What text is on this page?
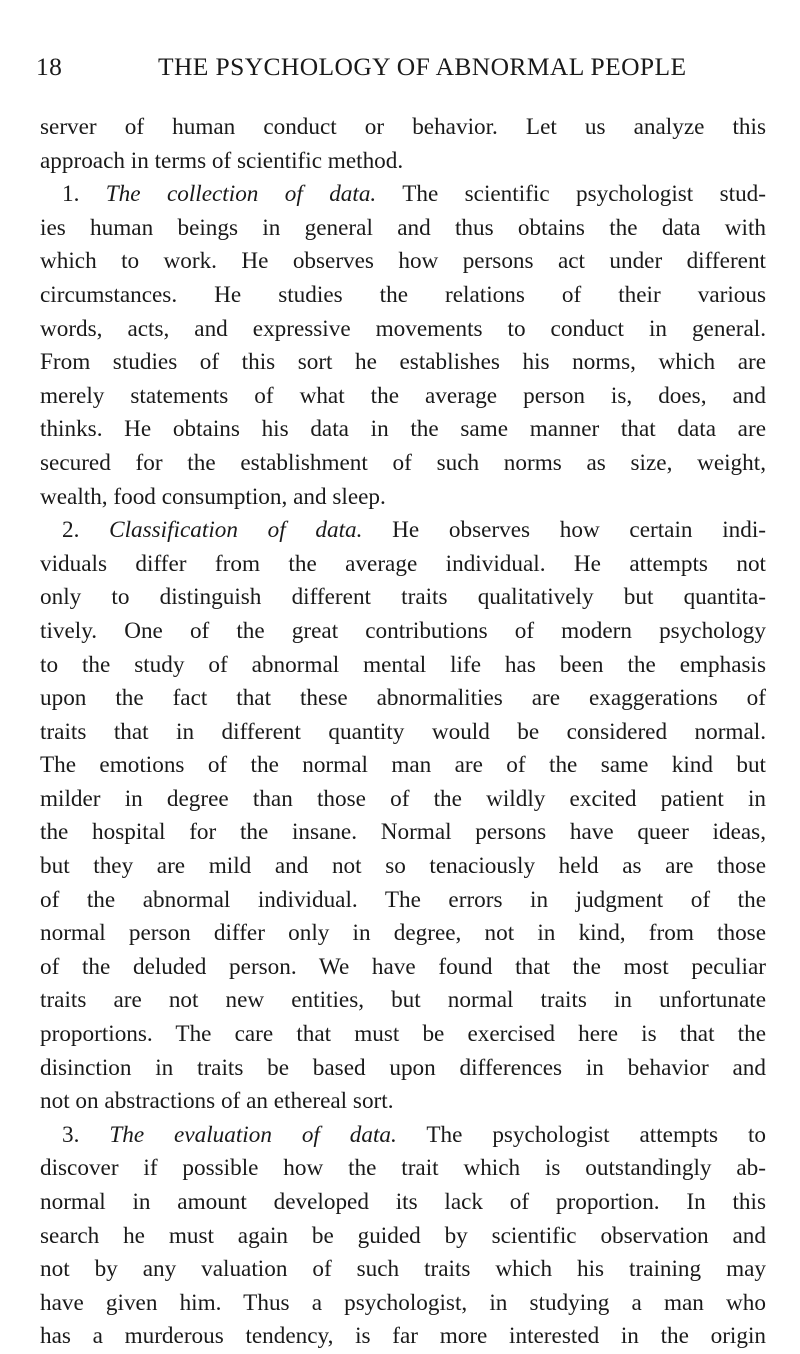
18	THE PSYCHOLOGY OF ABNORMAL PEOPLE
server of human conduct or behavior. Let us analyze this
approach in terms of scientific method.
1. The collection of data. The scientific psychologist stud-
ies human beings in general and thus obtains the data with
which to work. He observes how persons act under different
circumstances. He studies the relations of their various
words, acts, and expressive movements to conduct in general.
From studies of this sort he establishes his norms, which are
merely statements of what the average person is, does, and
thinks. He obtains his data in the same manner that data are
secured for the establishment of such norms as size, weight,
wealth, food consumption, and sleep.
2. Classification of data. He observes how certain indi-
viduals differ from the average individual. He attempts not
only to distinguish different traits qualitatively but quantita-
tively. One of the great contributions of modern psychology
to the study of abnormal mental life has been the emphasis
upon the fact that these abnormalities are exaggerations of
traits that in different quantity would be considered normal.
The emotions of the normal man are of the same kind but
milder in degree than those of the wildly excited patient in
the hospital for the insane. Normal persons have queer ideas,
but they are mild and not so tenaciously held as are those
of the abnormal individual. The errors in judgment of the
normal person differ only in degree, not in kind, from those
of the deluded person. We have found that the most peculiar
traits are not new entities, but normal traits in unfortunate
proportions. The care that must be exercised here is that the
disinction in traits be based upon differences in behavior and
not on abstractions of an ethereal sort.
3. The evaluation of data. The psychologist attempts to
discover if possible how the trait which is outstandingly ab-
normal in amount developed its lack of proportion. In this
search he must again be guided by scientific observation and
not by any valuation of such traits which his training may
have given him. Thus a psychologist, in studying a man who
has a murderous tendency, is far more interested in the origin
